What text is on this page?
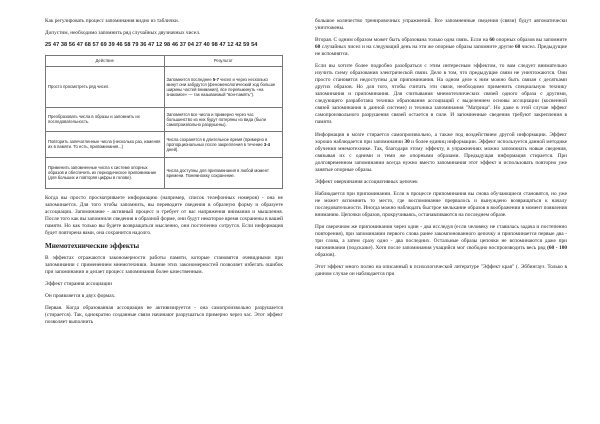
Как регулировать процесс запоминания видно из таблички.

Допустим, необходимо запомнить ряд случайных двузначных чисел.

25 47 38 56 47 68 57 69 39 46 58 79 36 47 12 98 46 37 04 27 40 98 47 12 42 59 54

Действие	Результат
Просто просмотреть ряд чисел.	Запомнится последнее 5-7 чисел и через несколько минут они забудутся (феноменологический ход больше ширины частей внимания), все перевыкинуть «на знакомое» — так называемый "вон-память").
Преобразовать числа в образы и запомнить их последовательность.	Запомнятся все числа и примерно через час большинство из них будут потеряны из вида (были самопроизвольно разрушены).
Повторить запечатленные числа (несколько раз, изменяя их в памяти. То есть, припоминания...)	Числа сохранятся в длительное время (примерно в пропорциональных после закрепления в течение 3-4 дней).
Применить запомненные числа к системе опорных образов и обеспечить их периодическое припоминание (для больших и повторяя цифры в голове).	Числа доступны для припоминания в любой момент времени. Понемножку сохранение.

Когда вы просто просматриваете информацию (например, список телефонных номеров) - она не запоминается. Для того чтобы запомнить, вы переводите сведения в образную форму и образуете ассоциации. Запоминание - активный процесс и требует от вас напряжения внимания и мышления. После того как вы запомнили сведения в образной форме, они будут некоторое время сохранены в вашей памяти. Но как только вы будете возвращаться мысленно, они постепенно сотрутся. Если информация будет повторена вами, она сохранится надолго.

Мнемотехнические эффекты

В эффектах отражаются закономерности работы памяти, которые становятся очевидными при запоминании с применением мнемотехники. Знание этих закономерностей позволяет избегать ошибок при запоминании и делает процесс запоминания более качественным.

Эффект стирания ассоциации

Он проявляется в двух формах.

Первая. Когда образованная ассоциация не активизируется - она самопроизвольно разрушается (стирается). Так, однократно созданные связи начинают разрушаться примерно через час. Этот эффект позволяет выполнить

большое количество тренировочных упражнений. Все запомненные сведения (связи) будут автоматически уничтожены.

Вторая. С одним образом может быть образована только одна связь. Если на 60 опорных образов вы запомните 60 случайных чисел и на следующий день на эти же опорные образы запомните другие 60 чисел. Предыдущие не вспомнятся.

Если вы хотите более подробно разобраться с этим интересным эффектом, то вам следует внимательно изучить схему образования электрической связи. Дело в том, что предыдущие связи не уничтожаются. Они просто становятся недоступны для припоминания. На одном деле к ним можно быть связан с десятками других образов. Но для того, чтобы считать эти связи, необходимо применить специальную технику запоминания и припоминания. Для считывания мнемотехнических связей одного образа с другими, следующего разработана техника образования ассоциаций с выделением основы ассоциации (косвенной связей запоминания в данной системе) и техника запоминания "Матрица". Но даже в этой случае эффект самопроизвольного разрушения связей остается в силе. И запомненные сведения требуют закрепления в памяти.

Информация в мозге стирается самопроизвольно, а также под воздействием другой информации. Эффект хорошо наблюдается при запоминании 30 и более единиц информации. Эффект используется данной методике обучения мнемотехнике. Так, благодаря этому эффекту, в упражнениях можно запоминать новые сведения, связывая их с одними и теми же опорными образами. Предыдущая информация стирается. При долговременном запоминании всегда нужно вместо запоминания этот эффект и использовать повторно уже занятые опорные образы.

Эффект оверчинания ассоциативных цепочек

Наблюдается при припоминании. Если в процессе припоминания вы снова обучающиеся становятся, но уже не может вспомнить то место, где воспоминание прервалось и вынуждено возвращаться к началу последовательности. Иногда можно наблюдать быстрое мелькание образов в воображении в момент появления вниманию. Цепочки образов, прокручиваясь, останавливаются на последнем образе.

При сверочном же припоминании через один - два исследуя (если человеку не ставилась задача и постепенно повторения), при запоминании первого слова ранее закомпонованного цепочку и припоминается первые два - три слова, а затем сразу одно - два последних. Остальные образы цепочки не вспоминаются даже при напоминании (подсказке). Хотя после запоминания учащийся мог свободно воспроизводить весь ряд (60 - 100 образов).

Этот эффект много полно на описанный в психологической литературе "Эффект края" (. Эббингауз. Только в данном случае он наблюдается при
